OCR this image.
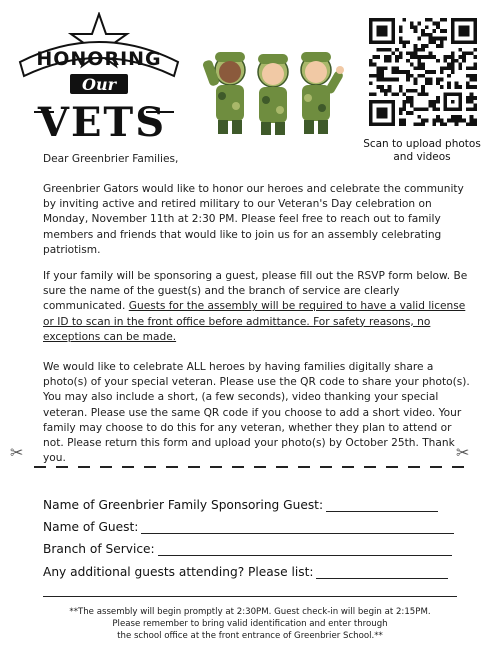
HONORING
Our
VETS	Scan to upload photos
and videos
Dear Greenbrier Families,
Greenbrier Gators would like to honor our heroes and celebrate the community by inviting active and retired military to our Veteran's Day celebration on Monday, November 11th at 2:30 PM. Please feel free to reach out to family members and friends that would like to join us for an assembly celebrating patriotism.
If your family will be sponsoring a guest, please fill out the RSVP form below. Be sure the name of the guest(s) and the branch of service are clearly communicated. Guests for the assembly will be required to have a valid license or ID to scan in the front office before admittance. For safety reasons, no exceptions can be made.
We would like to celebrate ALL heroes by having families digitally share a photo(s) of your special veteran. Please use the QR code to share your photo(s). You may also include a short, (a few seconds), video thanking your special veteran. Please use the same QR code if you choose to add a short video. Your family may choose to do this for any veteran, whether they plan to attend or not. Please return this form and upload your photo(s) by October 25th. Thank you.
✂	✂
Name of Greenbrier Family Sponsoring Guest:
Name of Guest:
Branch of Service:
Any additional guests attending? Please list:
**The assembly will begin promptly at 2:30PM. Guest check-in will begin at 2:15PM.
Please remember to bring valid identification and enter through
the school office at the front entrance of Greenbrier School.**
